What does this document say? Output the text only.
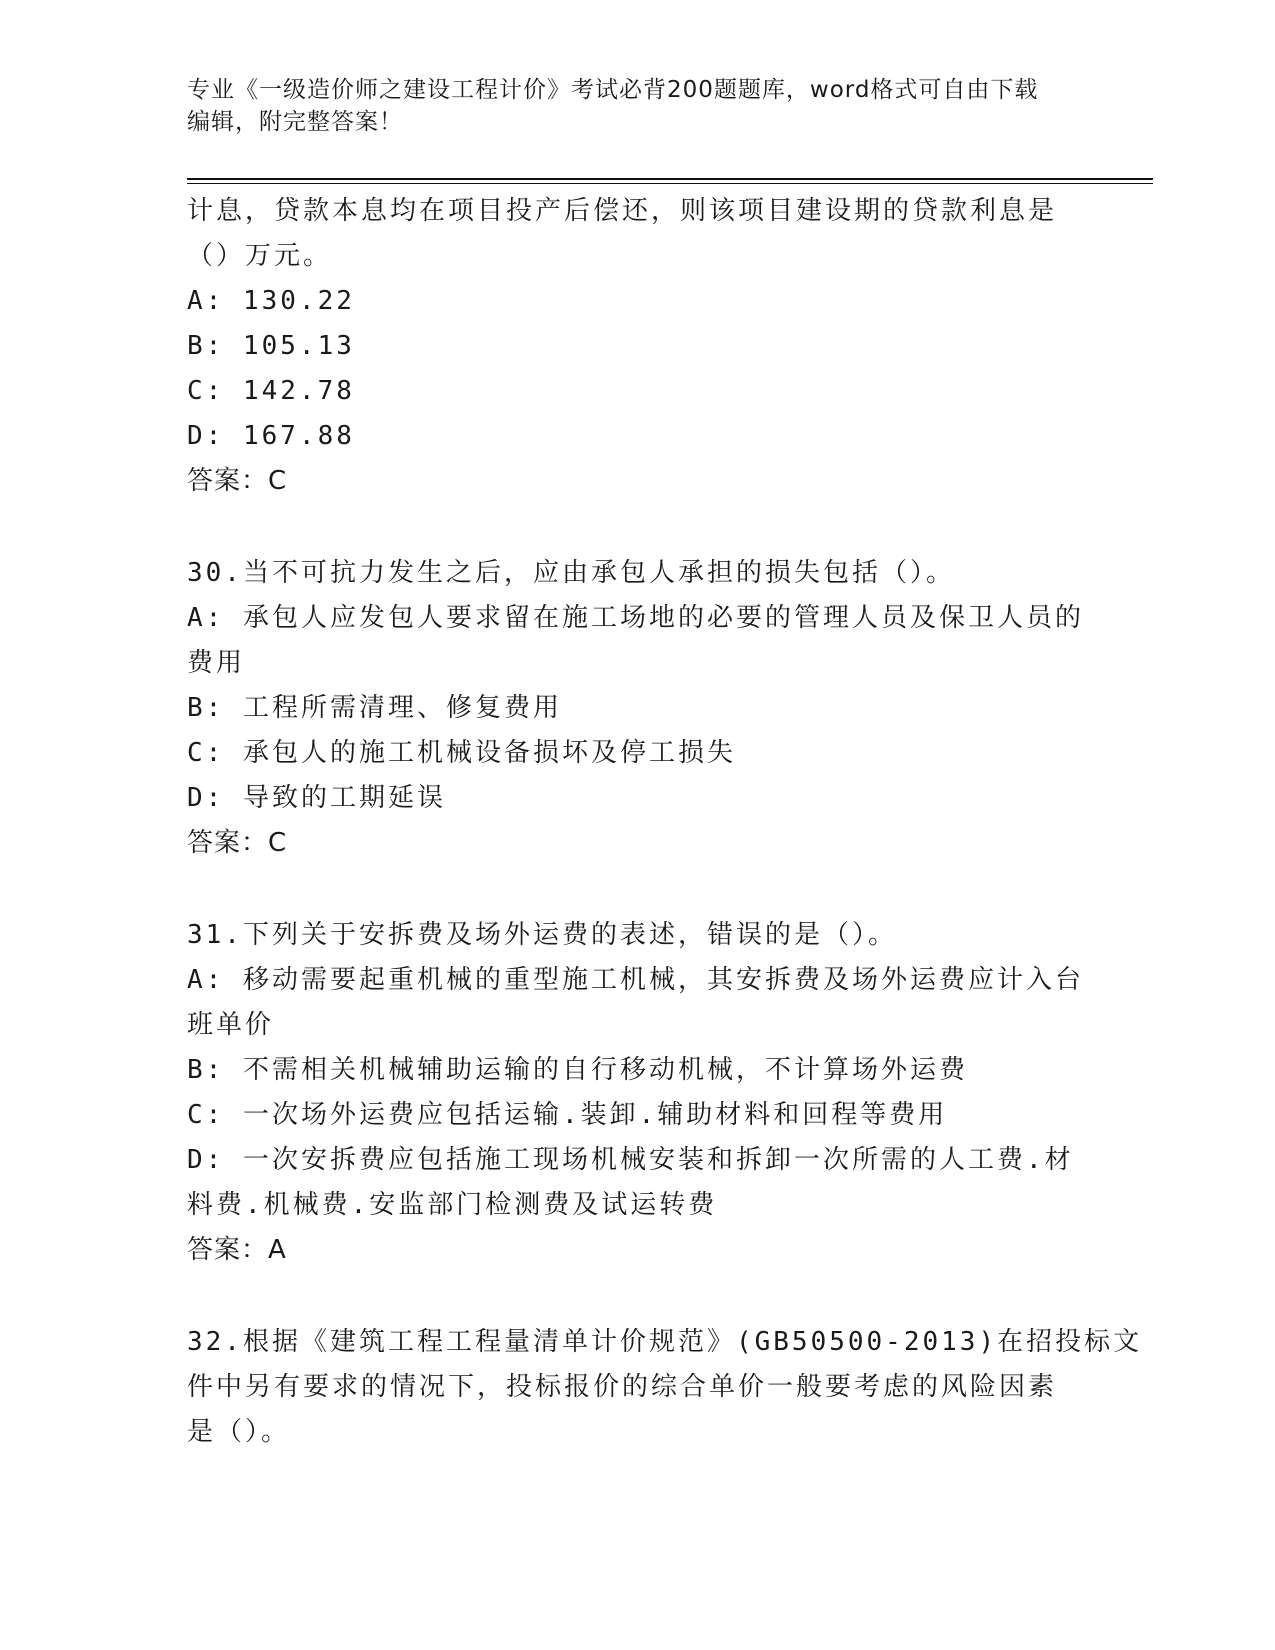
专业《一级造价师之建设工程计价》考试必背200题题库，word格式可自由下载
编辑，附完整答案！
计息，贷款本息均在项目投产后偿还，则该项目建设期的贷款利息是
（）万元。
A: 130.22
B: 105.13
C: 142.78
D: 167.88
答案：C
30.当不可抗力发生之后，应由承包人承担的损失包括（）。
A: 承包人应发包人要求留在施工场地的必要的管理人员及保卫人员的
费用
B: 工程所需清理、修复费用
C: 承包人的施工机械设备损坏及停工损失
D: 导致的工期延误
答案：C
31.下列关于安拆费及场外运费的表述，错误的是（）。
A: 移动需要起重机械的重型施工机械，其安拆费及场外运费应计入台
班单价
B: 不需相关机械辅助运输的自行移动机械，不计算场外运费
C: 一次场外运费应包括运输.装卸.辅助材料和回程等费用
D: 一次安拆费应包括施工现场机械安装和拆卸一次所需的人工费.材
料费.机械费.安监部门检测费及试运转费
答案：A
32.根据《建筑工程工程量清单计价规范》(GB50500-2013)在招投标文
件中另有要求的情况下，投标报价的综合单价一般要考虑的风险因素
是（）。
